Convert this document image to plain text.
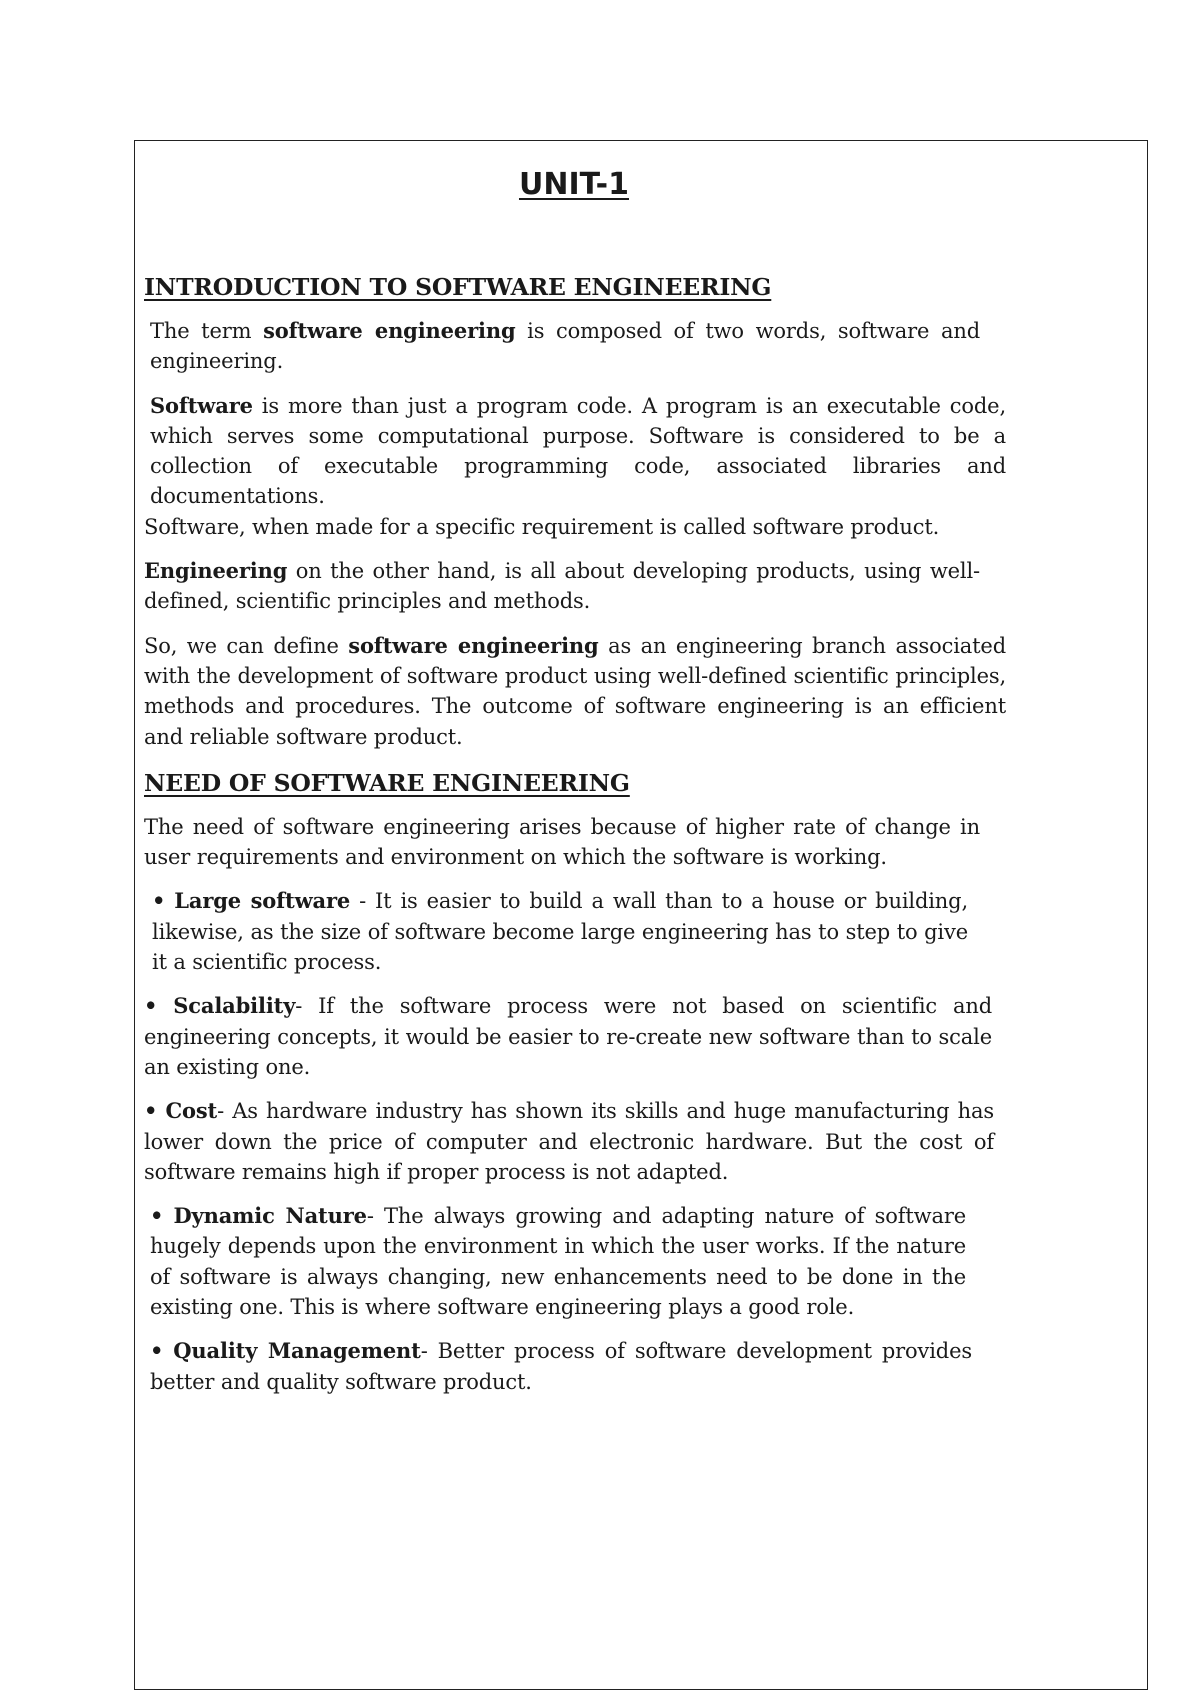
UNIT-1
INTRODUCTION TO SOFTWARE ENGINEERING

The term software engineering is composed of two words, software and engineering.

Software is more than just a program code. A program is an executable code, which serves some computational purpose. Software is considered to be a collection of executable programming code, associated libraries and documentations.

Software, when made for a specific requirement is called software product.

Engineering on the other hand, is all about developing products, using well- defined, scientific principles and methods.

So, we can define software engineering as an engineering branch associated with the development of software product using well-defined scientific principles, methods and procedures. The outcome of software engineering is an efficient and reliable software product.

NEED OF SOFTWARE ENGINEERING

The need of software engineering arises because of higher rate of change in user requirements and environment on which the software is working.

• Large software - It is easier to build a wall than to a house or building, likewise, as the size of software become large engineering has to step to give it a scientific process.

• Scalability- If the software process were not based on scientific and engineering concepts, it would be easier to re-create new software than to scale an existing one.

• Cost- As hardware industry has shown its skills and huge manufacturing has lower down the price of computer and electronic hardware. But the cost of software remains high if proper process is not adapted.

• Dynamic Nature- The always growing and adapting nature of software hugely depends upon the environment in which the user works. If the nature of software is always changing, new enhancements need to be done in the existing one. This is where software engineering plays a good role.

• Quality Management- Better process of software development provides better and quality software product.
